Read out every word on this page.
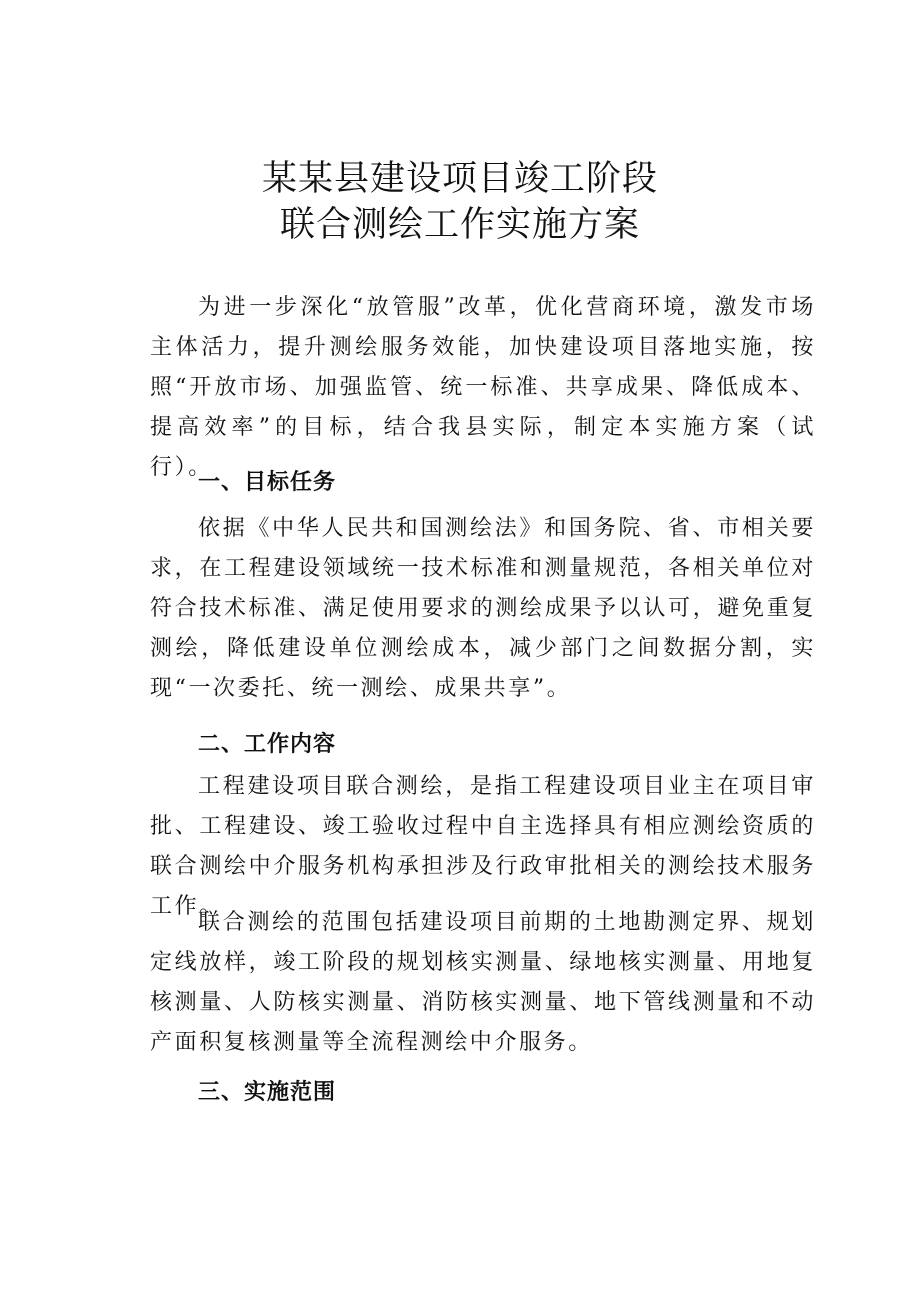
某某县建设项目竣工阶段
联合测绘工作实施方案

为进一步深化“放管服”改革，优化营商环境，激发市场主体活力，提升测绘服务效能，加快建设项目落地实施，按照“开放市场、加强监管、统一标准、共享成果、降低成本、提高效率”的目标，结合我县实际，制定本实施方案（试行）。

一、目标任务

依据《中华人民共和国测绘法》和国务院、省、市相关要求，在工程建设领域统一技术标准和测量规范，各相关单位对符合技术标准、满足使用要求的测绘成果予以认可，避免重复测绘，降低建设单位测绘成本，减少部门之间数据分割，实现“一次委托、统一测绘、成果共享”。

二、工作内容

工程建设项目联合测绘，是指工程建设项目业主在项目审批、工程建设、竣工验收过程中自主选择具有相应测绘资质的联合测绘中介服务机构承担涉及行政审批相关的测绘技术服务工作。

联合测绘的范围包括建设项目前期的土地勘测定界、规划定线放样，竣工阶段的规划核实测量、绿地核实测量、用地复核测量、人防核实测量、消防核实测量、地下管线测量和不动产面积复核测量等全流程测绘中介服务。

三、实施范围
